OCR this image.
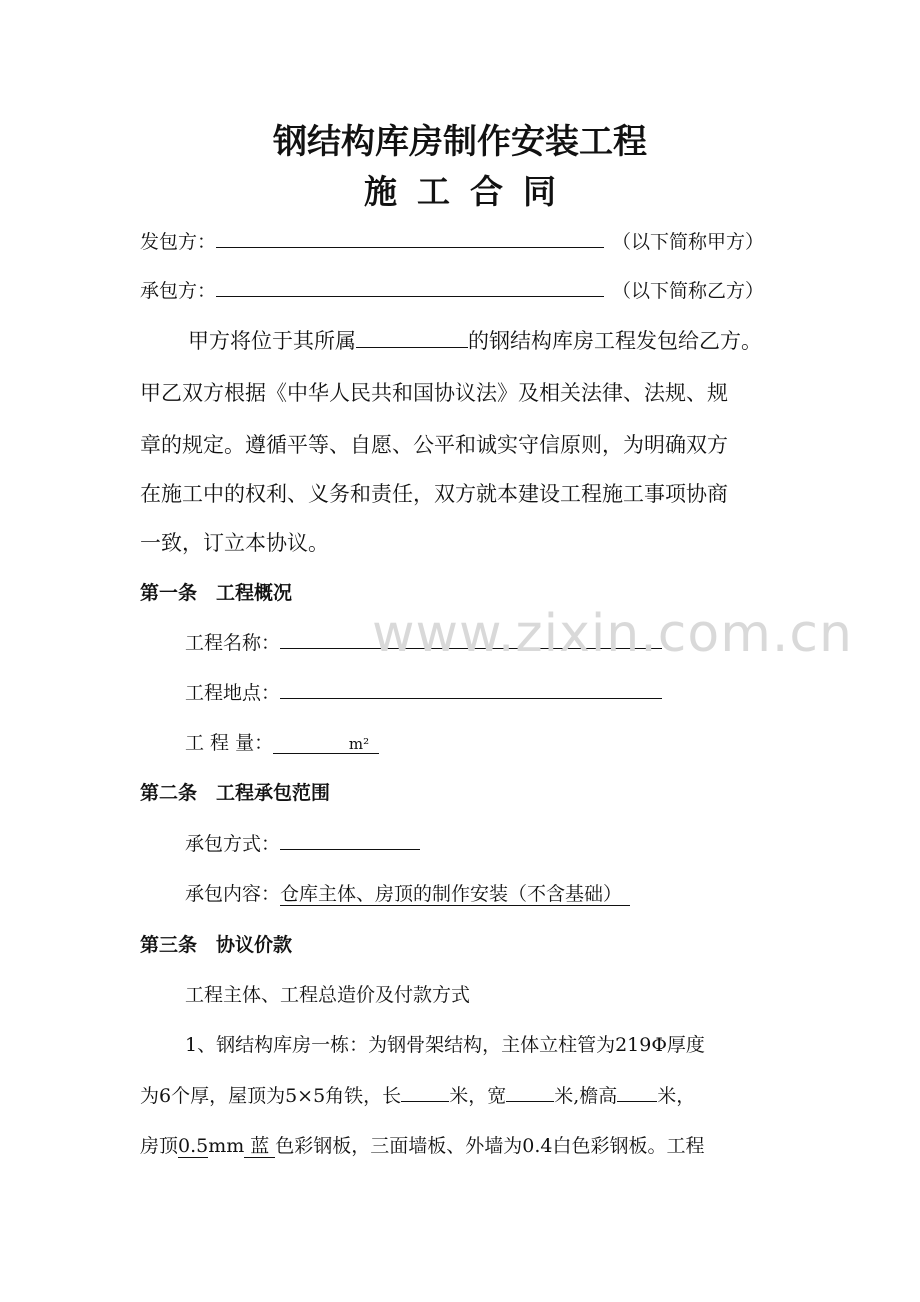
钢结构库房制作安装工程
施工合同
发包方：	（以下简称甲方）
承包方：	（以下简称乙方）
甲方将位于其所属	的钢结构库房工程发包给乙方。
甲乙双方根据《中华人民共和国协议法》及相关法律、法规、规
章的规定。遵循平等、自愿、公平和诚实守信原则，为明确双方
在施工中的权利、义务和责任，双方就本建设工程施工事项协商
一致，订立本协议。
第一条　工程概况
工程名称：
工程地点：
工 程 量：	m²
第二条　工程承包范围
承包方式：
承包内容：仓库主体、房顶的制作安装（不含基础）
第三条　协议价款
工程主体、工程总造价及付款方式
1、钢结构库房一栋：为钢骨架结构，主体立柱管为219Φ厚度
为6个厚，屋顶为5×5角铁，长	米，宽	米,檐高 米，
房顶0.5mm 蓝 色彩钢板，三面墙板、外墙为0.4白色彩钢板。工程
www.zixin.com.cn
